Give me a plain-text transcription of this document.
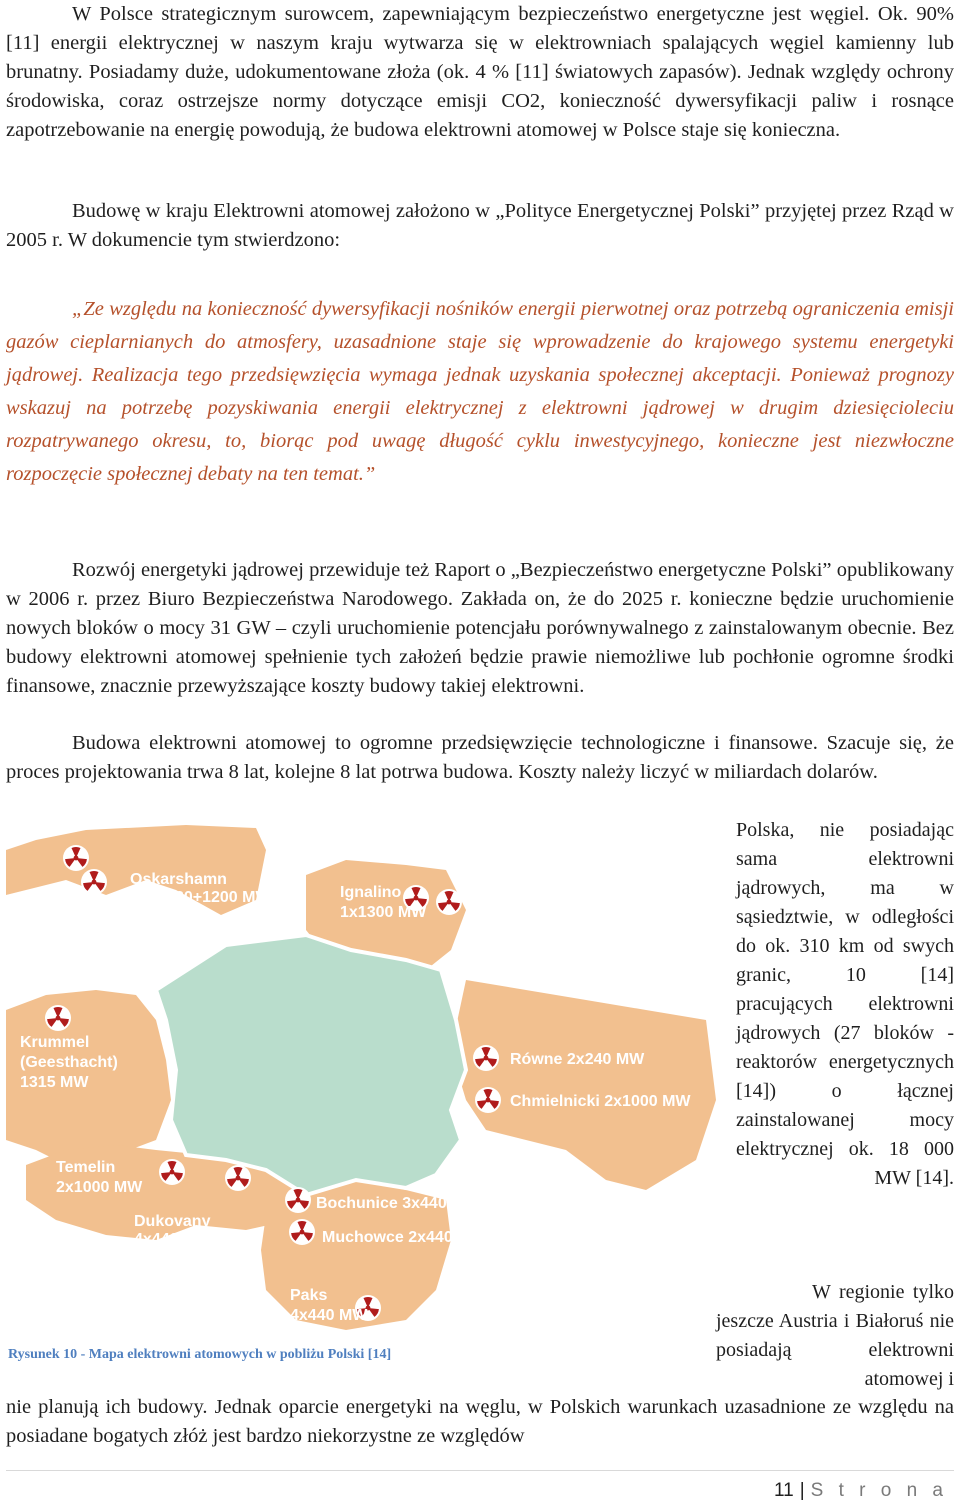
W Polsce strategicznym surowcem, zapewniającym bezpieczeństwo energetyczne jest węgiel. Ok. 90% [11] energii elektrycznej w naszym kraju wytwarza się w elektrowniach spalających węgiel kamienny lub brunatny. Posiadamy duże, udokumentowane złoża (ok. 4 % [11] światowych zapasów). Jednak względy ochrony środowiska, coraz ostrzejsze normy dotyczące emisji CO2, konieczność dywersyfikacji paliw i rosnące zapotrzebowanie na energię powodują, że budowa elektrowni atomowej w Polsce staje się konieczna.
Budowę w kraju Elektrowni atomowej założono w „Polityce Energetycznej Polski” przyjętej przez Rząd w 2005 r. W dokumencie tym stwierdzono:
„Ze względu na konieczność dywersyfikacji nośników energii pierwotnej oraz potrzebą ograniczenia emisji gazów cieplarnianych do atmosfery, uzasadnione staje się wprowadzenie do krajowego systemu energetyki jądrowej. Realizacja tego przedsięwzięcia wymaga jednak uzyskania społecznej akceptacji. Ponieważ prognozy wskazuj na potrzebę pozyskiwania energii elektrycznej z elektrowni jądrowej w drugim dziesięcioleciu rozpatrywanego okresu, to, biorąc pod uwagę długość cyklu inwestycyjnego, konieczne jest niezwłoczne rozpoczęcie społecznej debaty na ten temat.”
Rozwój energetyki jądrowej przewiduje też Raport o „Bezpieczeństwo energetyczne Polski” opublikowany w 2006 r. przez Biuro Bezpieczeństwa Narodowego. Zakłada on, że do 2025 r. konieczne będzie uruchomienie nowych bloków o mocy 31 GW – czyli uruchomienie potencjału porównywalnego z zainstalowanym obecnie. Bez budowy elektrowni atomowej spełnienie tych założeń będzie prawie niemożliwe lub pochłonie ogromne środki finansowe, znacznie przewyższające koszty budowy takiej elektrowni.
Budowa elektrowni atomowej to ogromne przedsięwzięcie technologiczne i finansowe. Szacuje się, że proces projektowania trwa 8 lat, kolejne 8 lat potrwa budowa. Koszty należy liczyć w miliardach dolarów.
Oskarshamn
465+630+1200 MW	Ignalino
1x1300 MW
Krummel
(Geesthacht)
1315 MW
Równe 2x240 MW
Chmielnicki 2x1000 MW
Temelin
2x1000 MW
Dukovany
4x440 MW
Bochunice 3x440 MW
Muchowce 2x440 MW
Paks
4x440 MW
Rysunek 10 - Mapa elektrowni atomowych w pobliżu Polski [14]
Polska, nie posiadając sama elektrowni jądrowych, ma w sąsiedztwie, w odległości do ok. 310 km od swych granic, 10 [14] pracujących elektrowni jądrowych (27 bloków - reaktorów energetycznych [14]) o łącznej zainstalowanej mocy elektrycznej ok. 18 000 MW [14].
W regionie tylko jeszcze Austria i Białoruś nie posiadają elektrowni atomowej i
nie planują ich budowy. Jednak oparcie energetyki na węglu, w Polskich warunkach uzasadnione ze względu na posiadane bogatych złóż jest bardzo niekorzystne ze względów
11 | S t r o n a
